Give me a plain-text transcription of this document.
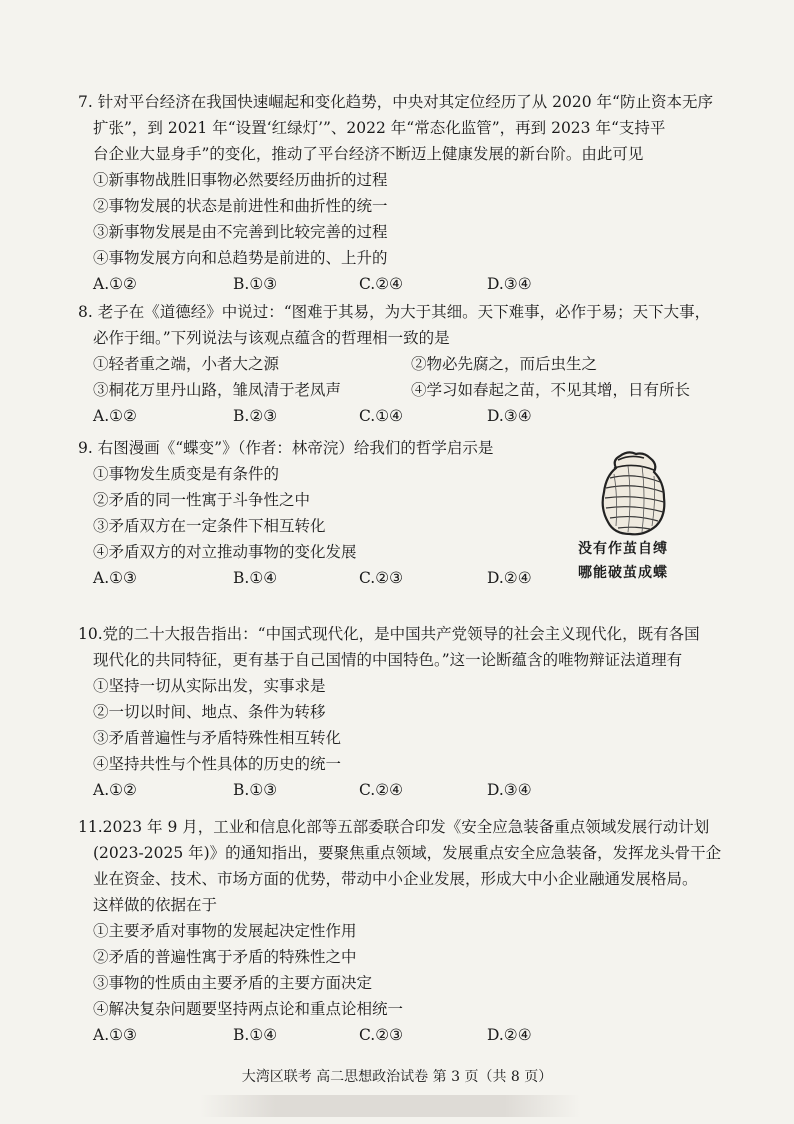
7. 针对平台经济在我国快速崛起和变化趋势，中央对其定位经历了从 2020 年“防止资本无序
扩张”，到 2021 年“设置‘红绿灯’”、2022 年“常态化监管”，再到 2023 年“支持平
台企业大显身手”的变化，推动了平台经济不断迈上健康发展的新台阶。由此可见
①新事物战胜旧事物必然要经历曲折的过程
②事物发展的状态是前进性和曲折性的统一
③新事物发展是由不完善到比较完善的过程
④事物发展方向和总趋势是前进的、上升的
A.①②	B.①③	C.②④	D.③④
8. 老子在《道德经》中说过：“图难于其易，为大于其细。天下难事，必作于易；天下大事，
必作于细。”下列说法与该观点蕴含的哲理相一致的是
①轻者重之端，小者大之源	②物必先腐之，而后虫生之
③桐花万里丹山路，雏凤清于老凤声	④学习如春起之苗，不见其增，日有所长
A.①②	B.②③	C.①④	D.③④
9. 右图漫画《“蝶变”》（作者：林帝浣）给我们的哲学启示是
①事物发生质变是有条件的
②矛盾的同一性寓于斗争性之中
③矛盾双方在一定条件下相互转化
④矛盾双方的对立推动事物的变化发展
A.①③	B.①④	C.②③	D.②④
没有作茧自缚
哪能破茧成蝶
10.党的二十大报告指出：“中国式现代化，是中国共产党领导的社会主义现代化，既有各国
现代化的共同特征，更有基于自己国情的中国特色。”这一论断蕴含的唯物辩证法道理有
①坚持一切从实际出发，实事求是
②一切以时间、地点、条件为转移
③矛盾普遍性与矛盾特殊性相互转化
④坚持共性与个性具体的历史的统一
A.①②	B.①③	C.②④	D.③④
11.2023 年 9 月，工业和信息化部等五部委联合印发《安全应急装备重点领域发展行动计划
(2023-2025 年)》的通知指出，要聚焦重点领域，发展重点安全应急装备，发挥龙头骨干企
业在资金、技术、市场方面的优势，带动中小企业发展，形成大中小企业融通发展格局。
这样做的依据在于
①主要矛盾对事物的发展起决定性作用
②矛盾的普遍性寓于矛盾的特殊性之中
③事物的性质由主要矛盾的主要方面决定
④解决复杂问题要坚持两点论和重点论相统一
A.①③	B.①④	C.②③	D.②④
大湾区联考 高二思想政治试卷 第 3 页（共 8 页）
